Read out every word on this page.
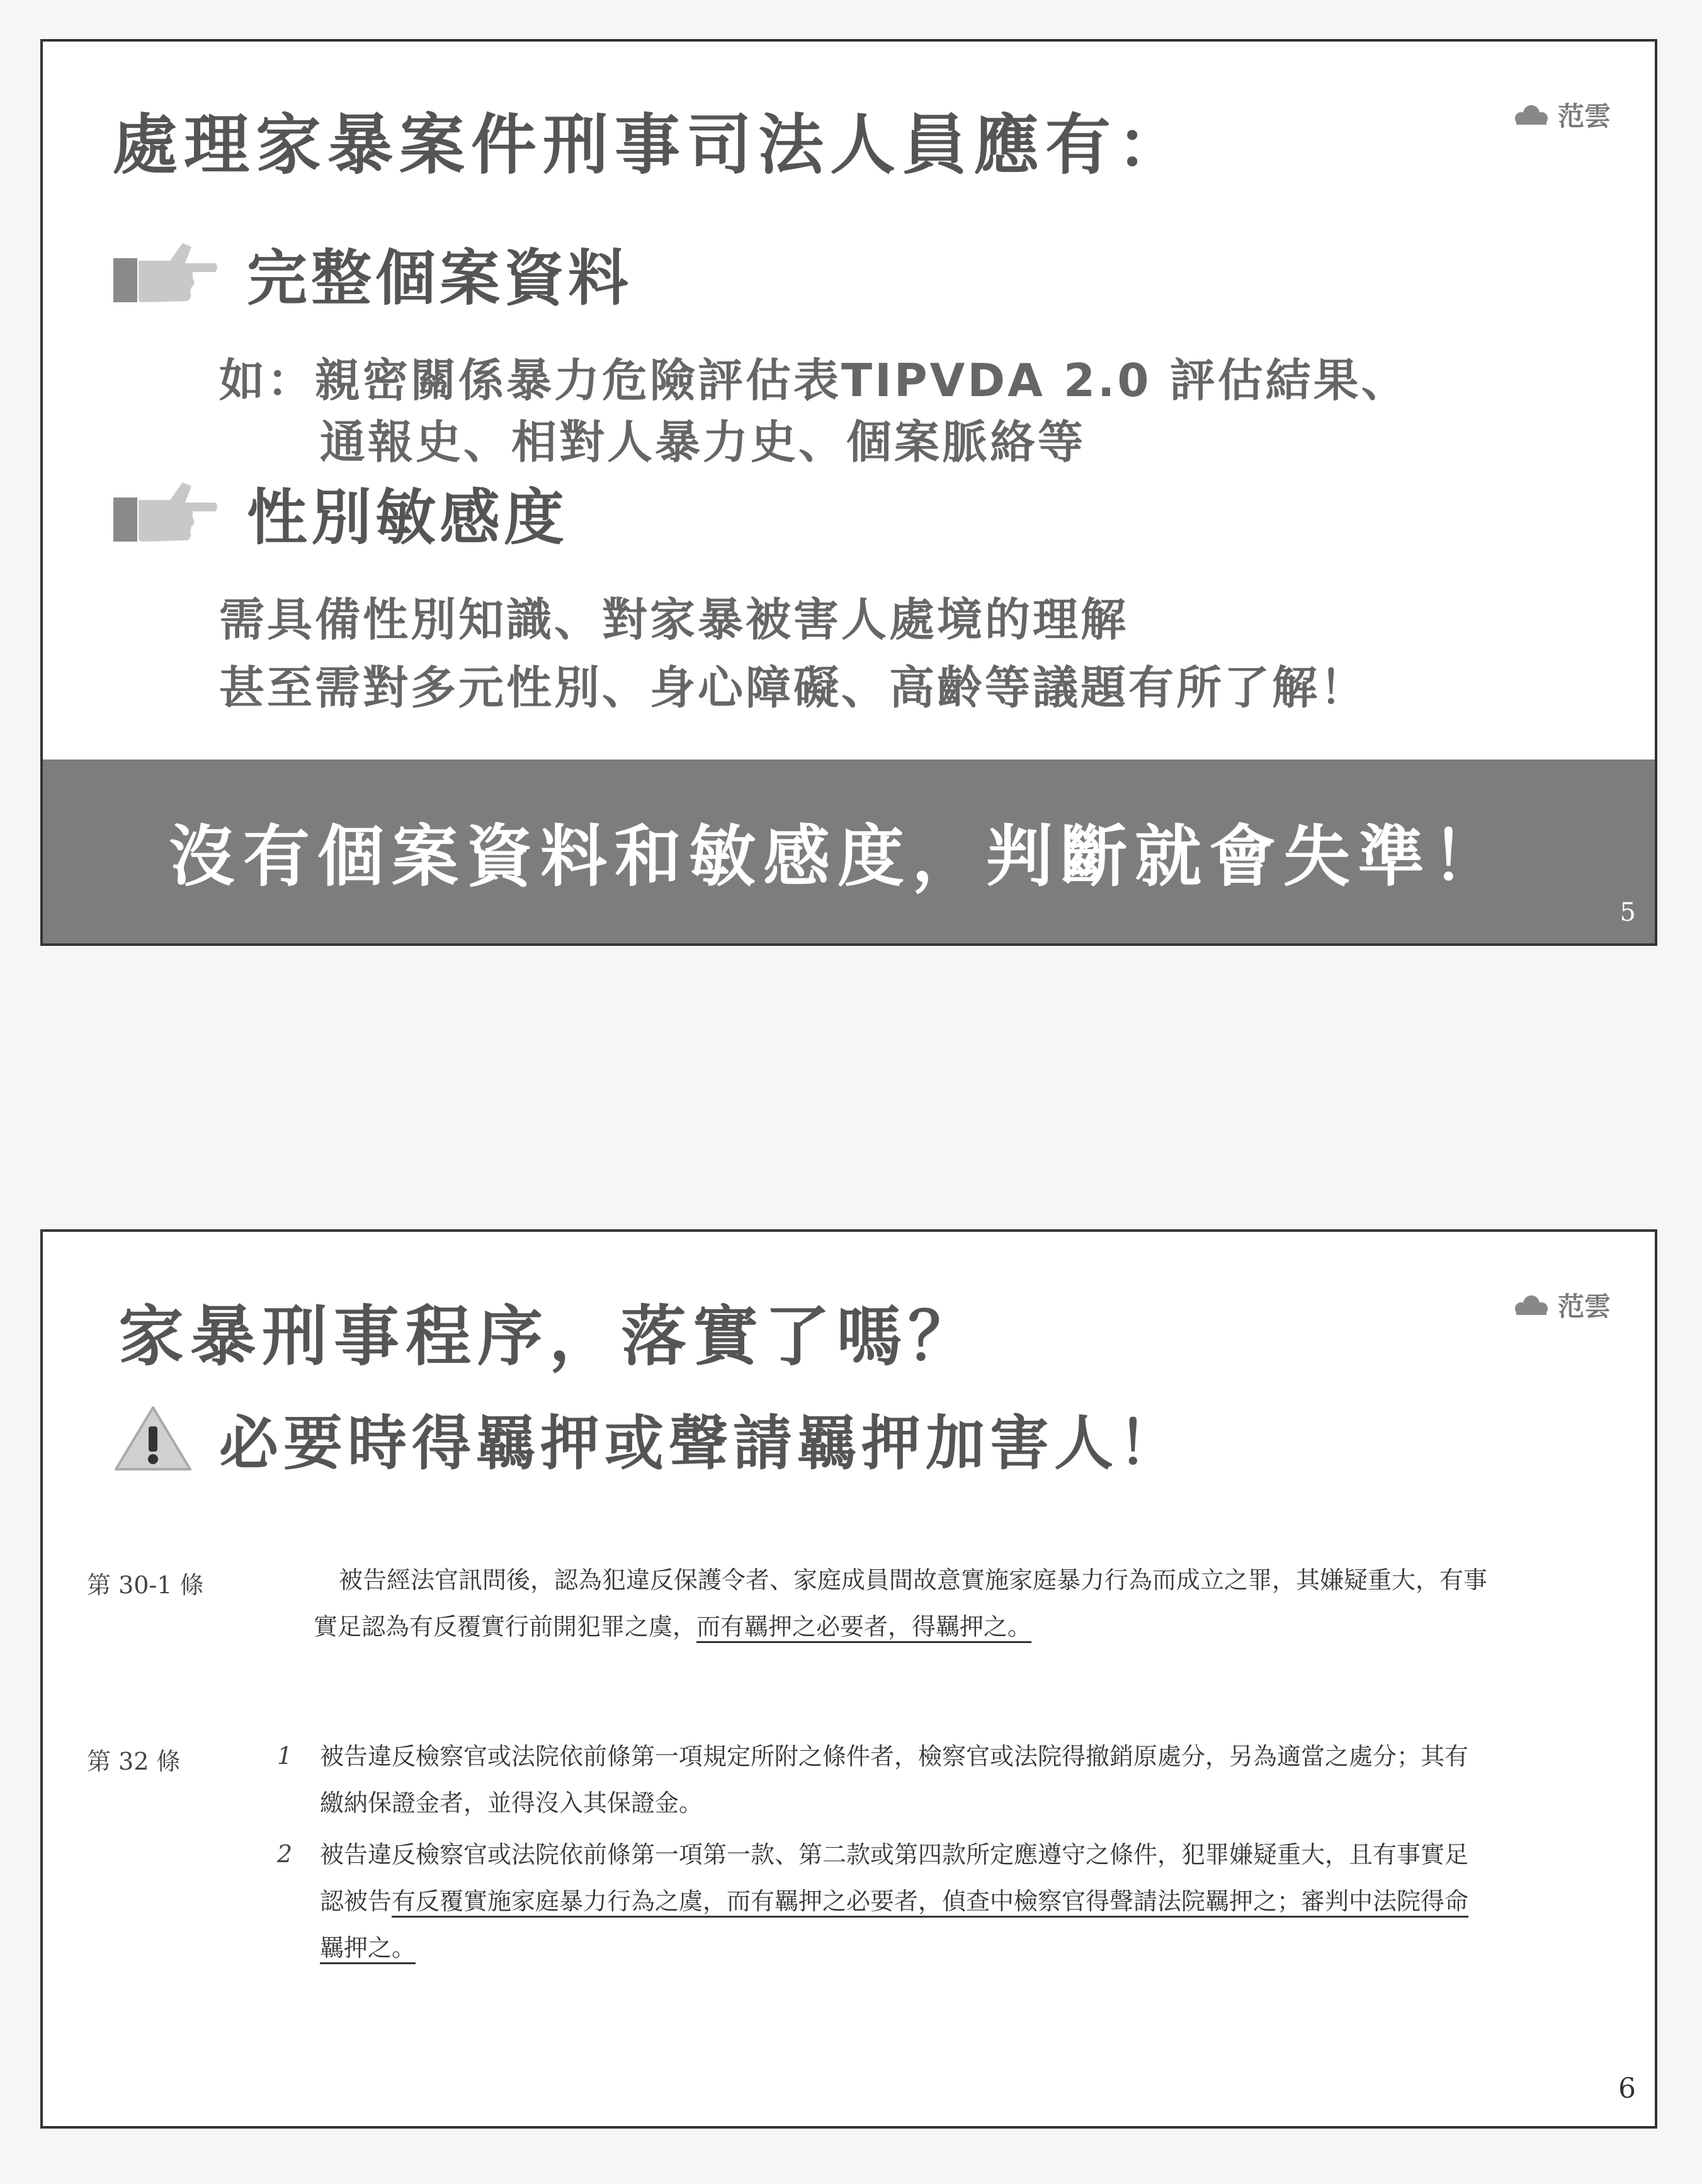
處理家暴案件刑事司法人員應有：	范雲
完整個案資料
如：親密關係暴力危險評估表TIPVDA 2.0 評估結果、
通報史、相對人暴力史、個案脈絡等
性別敏感度
需具備性別知識、對家暴被害人處境的理解
甚至需對多元性別、身心障礙、高齡等議題有所了解！
沒有個案資料和敏感度，判斷就會失準！
5
家暴刑事程序，落實了嗎？	范雲
必要時得羈押或聲請羈押加害人！
第 30-1 條	被告經法官訊問後，認為犯違反保護令者、家庭成員間故意實施家庭暴力行為而成立之罪，其嫌疑重大，有事
實足認為有反覆實行前開犯罪之虞，而有羈押之必要者，得羈押之。
第 32 條	1 被告違反檢察官或法院依前條第一項規定所附之條件者，檢察官或法院得撤銷原處分，另為適當之處分；其有
繳納保證金者，並得沒入其保證金。
2 被告違反檢察官或法院依前條第一項第一款、第二款或第四款所定應遵守之條件，犯罪嫌疑重大，且有事實足
認被告有反覆實施家庭暴力行為之虞，而有羈押之必要者，偵查中檢察官得聲請法院羈押之；審判中法院得命
羈押之。
6
